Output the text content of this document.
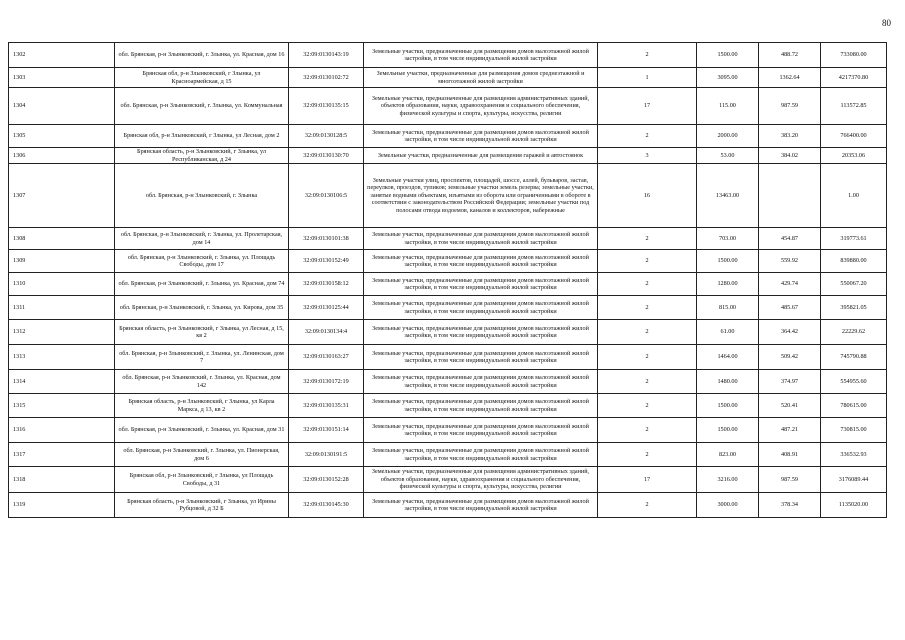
80
1302	обл. Брянская, р-н Злынковский, г. Злынка, ул. Красная, дом 16	32:09:0130143:19	Земельные участки, предназначенные для размещения домов малоэтажной жилой застройки, в том числе индивидуальной жилой застройки	2	1500.00	488.72	733080.00
1303	Брянская обл, р-н Злынковский, г Злынка, ул Красноармейская, д 15	32:09:0130102:72	Земельные участки, предназначенные для размещения домов среднеэтажной и многоэтажной жилой застройки	1	3095.00	1362.64	4217370.80
1304	обл. Брянская, р-н Злынковский, г. Злынка, ул. Коммунальная	32:09:0130135:15	Земельные участки, предназначенные для размещения административных зданий, объектов образования, науки, здравоохранения и социального обеспечения, физической культуры и спорта, культуры, искусства, религии	17	115.00	987.59	113572.85
1305	Брянская обл, р-н Злынковский, г Злынка, ул Лесная, дом 2	32:09:0130128:5	Земельные участки, предназначенные для размещения домов малоэтажной жилой застройки, в том числе индивидуальной жилой застройки	2	2000.00	383.20	766400.00
1306	Брянская область, р-н Злынковский, г Злынка, ул Республиканская, д 24	32:09:0130130:70	Земельные участки, предназначенные для размещения гаражей и автостоянок	3	53.00	384.02	20353.06
1307	обл. Брянская, р-н Злынковский, г. Злынка	32:09:0130106:5	Земельные участки улиц, проспектов, площадей, шоссе, аллей, бульваров, застав, переулков, проездов, тупиков; земельные участки земель резерва; земельные участки, занятые водными объектами, изъятыми из оборота или ограниченными в обороте в соответствии с законодательством Российской Федерации; земельные участки под полосами отвода водоемов, каналов и коллекторов, набережные	16	13463.00		1.00
1308	обл. Брянская, р-н Злынковский, г. Злынка, ул. Пролетарская, дом 14	32:09:0130101:38	Земельные участки, предназначенные для размещения домов малоэтажной жилой застройки, в том числе индивидуальной жилой застройки	2	703.00	454.87	319773.61
1309	обл. Брянская, р-н Злынковский, г. Злынка, ул. Площадь Свободы, дом 17	32:09:0130152:49	Земельные участки, предназначенные для размещения домов малоэтажной жилой застройки, в том числе индивидуальной жилой застройки	2	1500.00	559.92	839880.00
1310	обл. Брянская, р-н Злынковский, г. Злынка, ул. Красная, дом 74	32:09:0130158:12	Земельные участки, предназначенные для размещения домов малоэтажной жилой застройки, в том числе индивидуальной жилой застройки	2	1280.00	429.74	550067.20
1311	обл. Брянская, р-н Злынковский, г. Злынка, ул. Кирова, дом 35	32:09:0130125:44	Земельные участки, предназначенные для размещения домов малоэтажной жилой застройки, в том числе индивидуальной жилой застройки	2	815.00	485.67	395821.05
1312	Брянская область, р-н Злынковский, г Злынка, ул Лесная, д 15, кв 2	32:09:0130134:4	Земельные участки, предназначенные для размещения домов малоэтажной жилой застройки, в том числе индивидуальной жилой застройки	2	61.00	364.42	22229.62
1313	обл. Брянская, р-н Злынковский, г. Злынка, ул. Ленинская, дом 7	32:09:0130163:27	Земельные участки, предназначенные для размещения домов малоэтажной жилой застройки, в том числе индивидуальной жилой застройки	2	1464.00	509.42	745790.88
1314	обл. Брянская, р-н Злынковский, г. Злынка, ул. Красная, дом 142	32:09:0130172:19	Земельные участки, предназначенные для размещения домов малоэтажной жилой застройки, в том числе индивидуальной жилой застройки	2	1480.00	374.97	554955.60
1315	Брянская область, р-н Злынковский, г Злынка, ул Карла Маркса, д 13, кв 2	32:09:0130135:31	Земельные участки, предназначенные для размещения домов малоэтажной жилой застройки, в том числе индивидуальной жилой застройки	2	1500.00	520.41	780615.00
1316	обл. Брянская, р-н Злынковский, г. Злынка, ул. Красная, дом 31	32:09:0130151:14	Земельные участки, предназначенные для размещения домов малоэтажной жилой застройки, в том числе индивидуальной жилой застройки	2	1500.00	487.21	730815.00
1317	обл. Брянская, р-н Злынковский, г. Злынка, ул. Пионерская, дом 6	32:09:0130191:5	Земельные участки, предназначенные для размещения домов малоэтажной жилой застройки, в том числе индивидуальной жилой застройки	2	823.00	408.91	336532.93
1318	Брянская обл, р-н Злынковский, г Злынка, ул Площадь Свободы, д 31	32:09:0130152:28	Земельные участки, предназначенные для размещения административных зданий, объектов образования, науки, здравоохранения и социального обеспечения, физической культуры и спорта, культуры, искусства, религии	17	3216.00	987.59	3176089.44
1319	Брянская область, р-н Злынковский, г Злынка, ул Ирины Рубцовой, д 32 Б	32:09:0130145:30	Земельные участки, предназначенные для размещения домов малоэтажной жилой застройки, в том числе индивидуальной жилой застройки	2	3000.00	378.34	1135020.00
